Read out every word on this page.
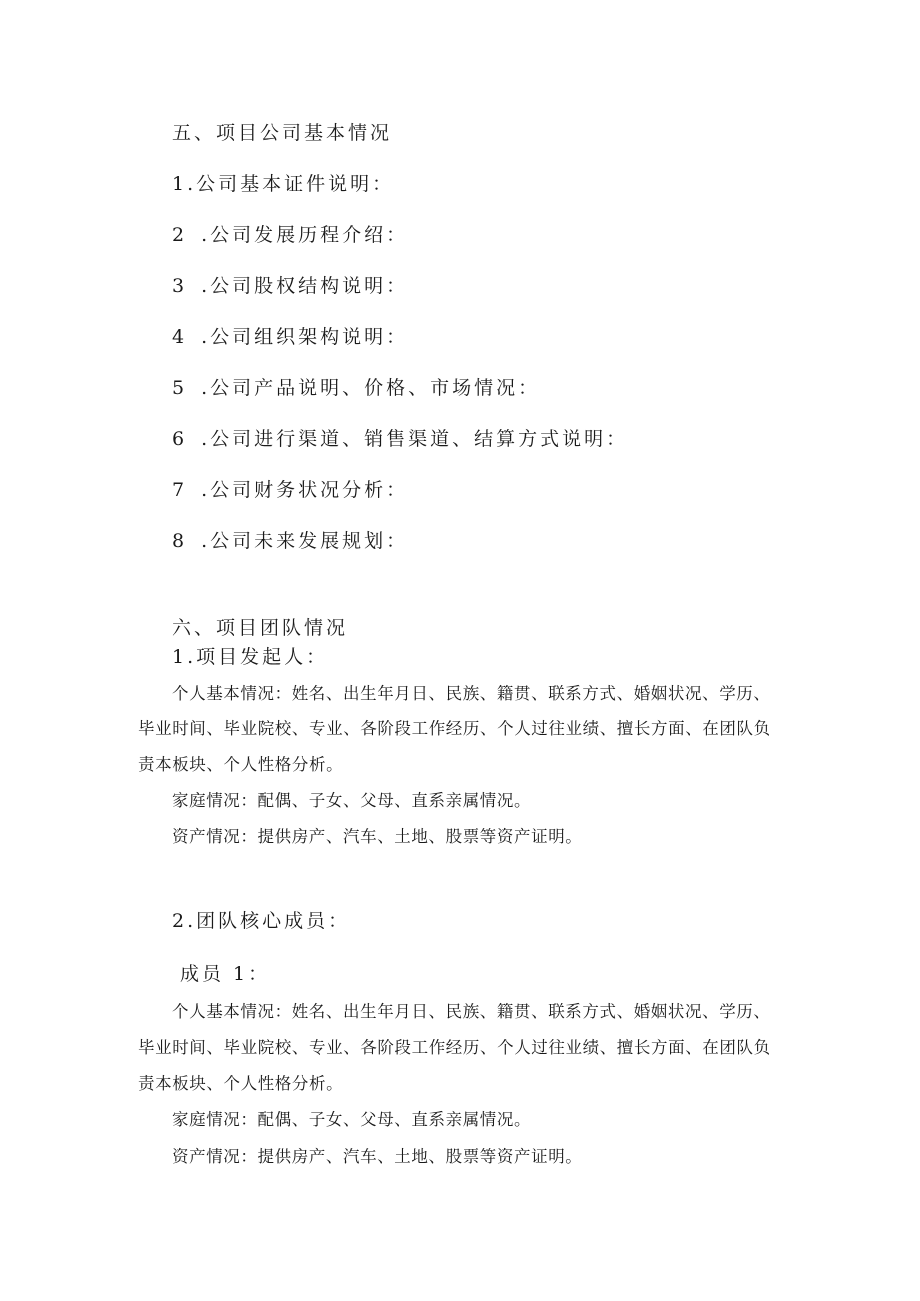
五、项目公司基本情况
1.公司基本证件说明：
2 .公司发展历程介绍：
3 .公司股权结构说明：
4 .公司组织架构说明：
5 .公司产品说明、价格、市场情况：
6 .公司进行渠道、销售渠道、结算方式说明：
7 .公司财务状况分析：
8 .公司未来发展规划：
六、项目团队情况
1.项目发起人：
个人基本情况：姓名、出生年月日、民族、籍贯、联系方式、婚姻状况、学历、
毕业时间、毕业院校、专业、各阶段工作经历、个人过往业绩、擅长方面、在团队负
责本板块、个人性格分析。
家庭情况：配偶、子女、父母、直系亲属情况。
资产情况：提供房产、汽车、土地、股票等资产证明。
2.团队核心成员：
成员 1：
个人基本情况：姓名、出生年月日、民族、籍贯、联系方式、婚姻状况、学历、
毕业时间、毕业院校、专业、各阶段工作经历、个人过往业绩、擅长方面、在团队负
责本板块、个人性格分析。
家庭情况：配偶、子女、父母、直系亲属情况。
资产情况：提供房产、汽车、土地、股票等资产证明。
